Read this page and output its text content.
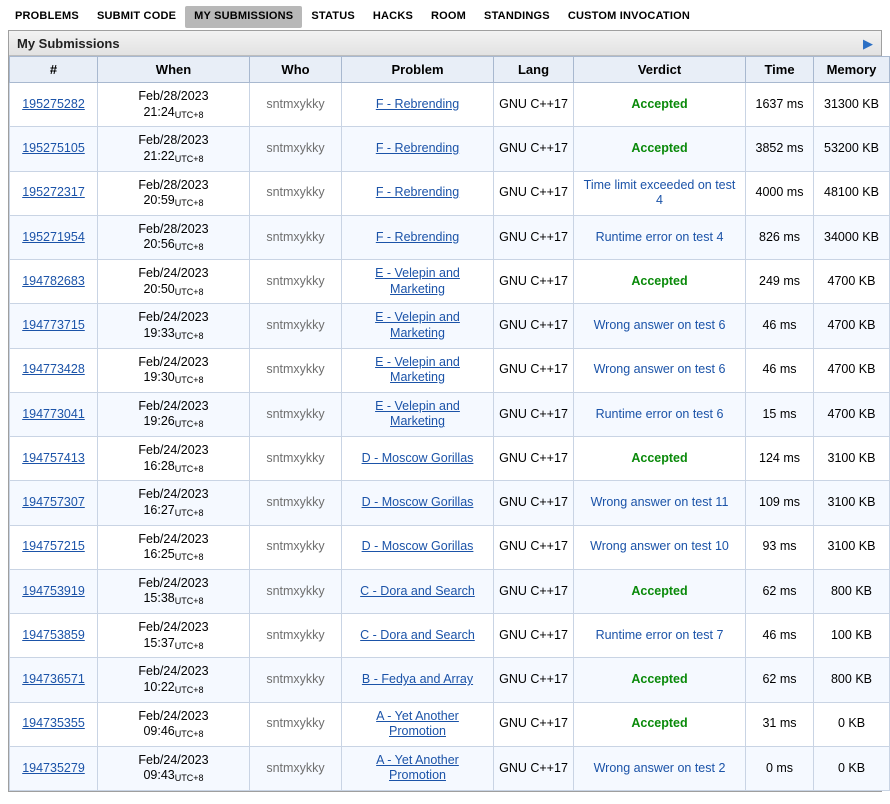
PROBLEMS	SUBMIT CODE	MY SUBMISSIONS	STATUS	HACKS	ROOM	STANDINGS	CUSTOM INVOCATION
My Submissions	▶
#	When	Who	Problem	Lang	Verdict	Time	Memory
195275282	Feb/28/2023
21:24UTC+8	sntmxykky	F - Rebrending	GNU C++17	Accepted	1637 ms	31300 KB
195275105	Feb/28/2023
21:22UTC+8	sntmxykky	F - Rebrending	GNU C++17	Accepted	3852 ms	53200 KB
195272317	Feb/28/2023
20:59UTC+8	sntmxykky	F - Rebrending	GNU C++17	Time limit exceeded on test 4	4000 ms	48100 KB
195271954	Feb/28/2023
20:56UTC+8	sntmxykky	F - Rebrending	GNU C++17	Runtime error on test 4	826 ms	34000 KB
194782683	Feb/24/2023
20:50UTC+8	sntmxykky	E - Velepin and Marketing	GNU C++17	Accepted	249 ms	4700 KB
194773715	Feb/24/2023
19:33UTC+8	sntmxykky	E - Velepin and Marketing	GNU C++17	Wrong answer on test 6	46 ms	4700 KB
194773428	Feb/24/2023
19:30UTC+8	sntmxykky	E - Velepin and Marketing	GNU C++17	Wrong answer on test 6	46 ms	4700 KB
194773041	Feb/24/2023
19:26UTC+8	sntmxykky	E - Velepin and Marketing	GNU C++17	Runtime error on test 6	15 ms	4700 KB
194757413	Feb/24/2023
16:28UTC+8	sntmxykky	D - Moscow Gorillas	GNU C++17	Accepted	124 ms	3100 KB
194757307	Feb/24/2023
16:27UTC+8	sntmxykky	D - Moscow Gorillas	GNU C++17	Wrong answer on test 11	109 ms	3100 KB
194757215	Feb/24/2023
16:25UTC+8	sntmxykky	D - Moscow Gorillas	GNU C++17	Wrong answer on test 10	93 ms	3100 KB
194753919	Feb/24/2023
15:38UTC+8	sntmxykky	C - Dora and Search	GNU C++17	Accepted	62 ms	800 KB
194753859	Feb/24/2023
15:37UTC+8	sntmxykky	C - Dora and Search	GNU C++17	Runtime error on test 7	46 ms	100 KB
194736571	Feb/24/2023
10:22UTC+8	sntmxykky	B - Fedya and Array	GNU C++17	Accepted	62 ms	800 KB
194735355	Feb/24/2023
09:46UTC+8	sntmxykky	A - Yet Another Promotion	GNU C++17	Accepted	31 ms	0 KB
194735279	Feb/24/2023
09:43UTC+8	sntmxykky	A - Yet Another Promotion	GNU C++17	Wrong answer on test 2	0 ms	0 KB
